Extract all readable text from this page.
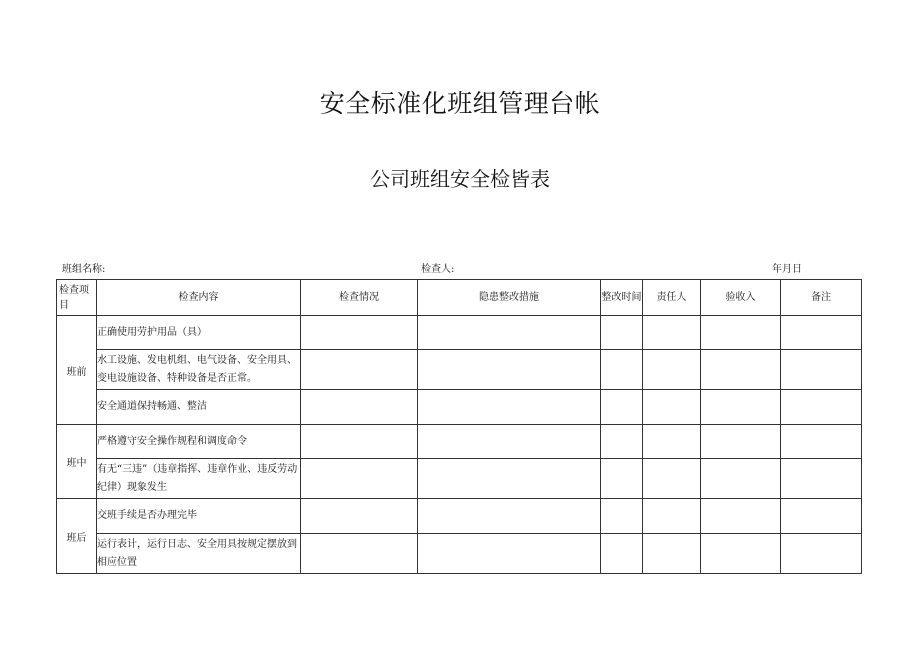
安全标准化班组管理台帐
公司班组安全检皆表
班组名称:	检查人:	年月日
检查项目	检查内容	检查情况	隐患整改措施	整改时间	责任人	验收入	备注
班前	正确使用劳护用品（具）						
	水工设施、发电机组、电气设备、安全用具、变电设施设备、特种设备是否正常。						
	安全通道保持畅通、整洁						
班中	严格遵守安全操作规程和调度命令						
	有无“三违”（违章指挥、违章作业、违反劳动纪律）现象发生						
班后	交班手续是否办理完毕						
	运行表计，运行日志、安全用具按规定摆放到相应位置						
